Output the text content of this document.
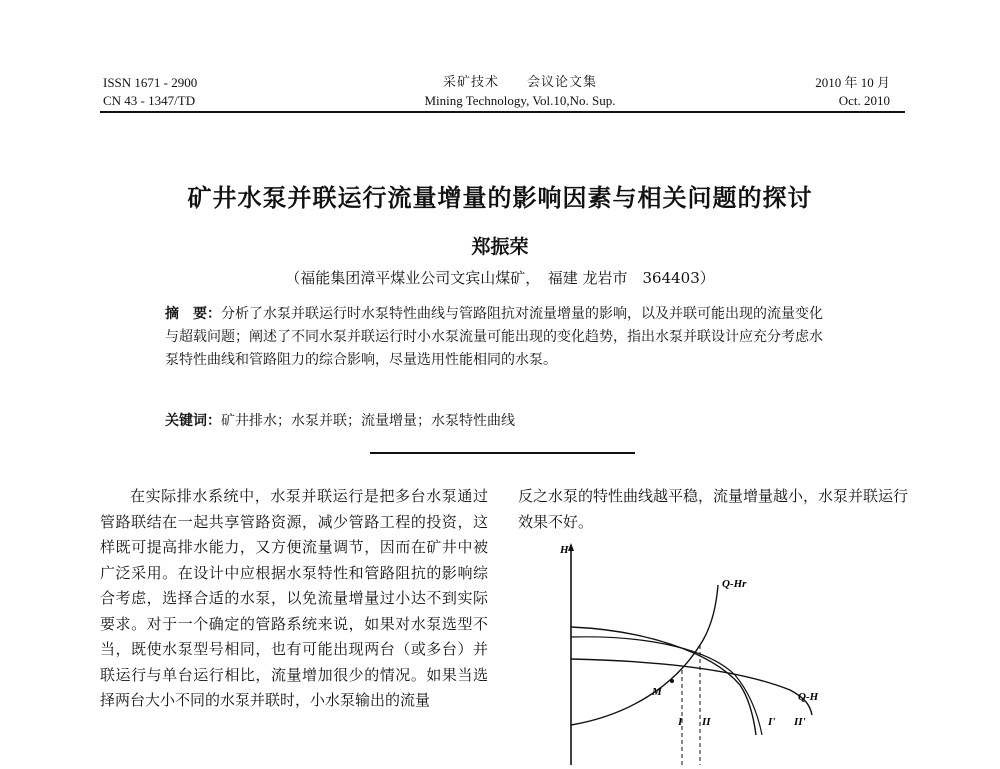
ISSN 1671 - 2900
CN 43 - 1347/TD
采矿技术　　会议论文集
Mining Technology, Vol.10,No. Sup.
2010 年 10 月
Oct. 2010
矿井水泵并联运行流量增量的影响因素与相关问题的探讨
郑振荣
（福能集团漳平煤业公司文宾山煤矿，　福建 龙岩市　364403）
摘　要：分析了水泵并联运行时水泵特性曲线与管路阻抗对流量增量的影响，以及并联可能出现的流量变化与超载问题；阐述了不同水泵并联运行时小水泵流量可能出现的变化趋势，指出水泵并联设计应充分考虑水泵特性曲线和管路阻力的综合影响，尽量选用性能相同的水泵。
关键词：矿井排水；水泵并联；流量增量；水泵特性曲线
在实际排水系统中，水泵并联运行是把多台水泵通过管路联结在一起共享管路资源，减少管路工程的投资，这样既可提高排水能力，又方便流量调节，因而在矿井中被广泛采用。在设计中应根据水泵特性和管路阻抗的影响综合考虑，选择合适的水泵，以免流量增量过小达不到实际要求。对于一个确定的管路系统来说，如果对水泵选型不当，既使水泵型号相同，也有可能出现两台（或多台）并联运行与单台运行相比，流量增加很少的情况。如果当选择两台大小不同的水泵并联时，小水泵输出的流量
反之水泵的特性曲线越平稳，流量增量越小，水泵并联运行效果不好。
H
Q-Hr
Q-H
M
I II	I' II'
